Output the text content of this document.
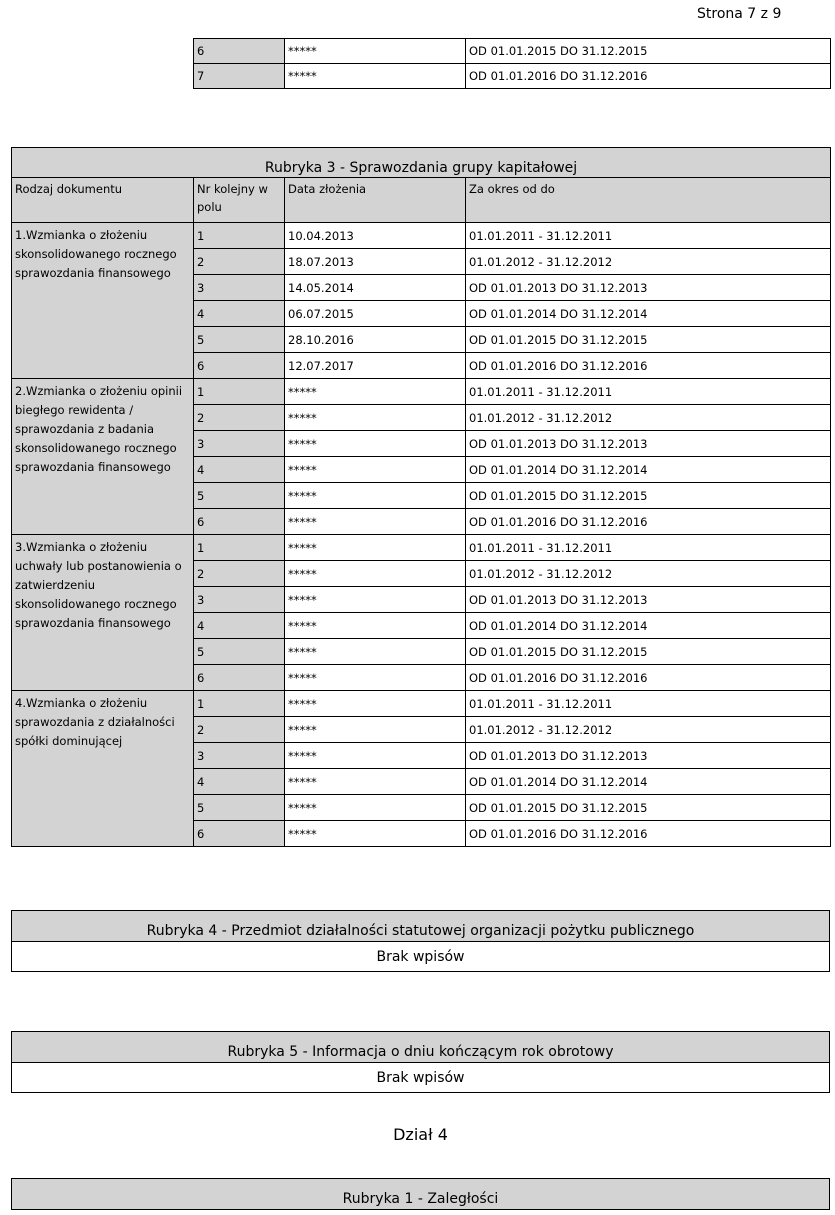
Strona 7 z 9
6	*****	OD 01.01.2015 DO 31.12.2015
7	*****	OD 01.01.2016 DO 31.12.2016
Rubryka 3 - Sprawozdania grupy kapitałowej			

Rodzaj dokumentu	Nr kolejny w polu	Data złożenia	Za okres od do
1.Wzmianka o złożeniu skonsolidowanego rocznego sprawozdania finansowego	1	10.04.2013	01.01.2011 - 31.12.2011
	2	18.07.2013	01.01.2012 - 31.12.2012
	3	14.05.2014	OD 01.01.2013 DO 31.12.2013
	4	06.07.2015	OD 01.01.2014 DO 31.12.2014
	5	28.10.2016	OD 01.01.2015 DO 31.12.2015
	6	12.07.2017	OD 01.01.2016 DO 31.12.2016
2.Wzmianka o złożeniu opinii biegłego rewidenta / sprawozdania z badania skonsolidowanego rocznego sprawozdania finansowego	1	*****	01.01.2011 - 31.12.2011
	2	*****	01.01.2012 - 31.12.2012
	3	*****	OD 01.01.2013 DO 31.12.2013
	4	*****	OD 01.01.2014 DO 31.12.2014
	5	*****	OD 01.01.2015 DO 31.12.2015
	6	*****	OD 01.01.2016 DO 31.12.2016
3.Wzmianka o złożeniu uchwały lub postanowienia o zatwierdzeniu skonsolidowanego rocznego sprawozdania finansowego	1	*****	01.01.2011 - 31.12.2011
	2	*****	01.01.2012 - 31.12.2012
	3	*****	OD 01.01.2013 DO 31.12.2013
	4	*****	OD 01.01.2014 DO 31.12.2014
	5	*****	OD 01.01.2015 DO 31.12.2015
	6	*****	OD 01.01.2016 DO 31.12.2016
4.Wzmianka o złożeniu sprawozdania z działalności spółki dominującej	1	*****	01.01.2011 - 31.12.2011
	2	*****	01.01.2012 - 31.12.2012
	3	*****	OD 01.01.2013 DO 31.12.2013
	4	*****	OD 01.01.2014 DO 31.12.2014
	5	*****	OD 01.01.2015 DO 31.12.2015
	6	*****	OD 01.01.2016 DO 31.12.2016
Rubryka 4 - Przedmiot działalności statutowej organizacji pożytku publicznego

Brak wpisów
Rubryka 5 - Informacja o dniu kończącym rok obrotowy

Brak wpisów
Dział 4
Rubryka 1 - Zaległości
